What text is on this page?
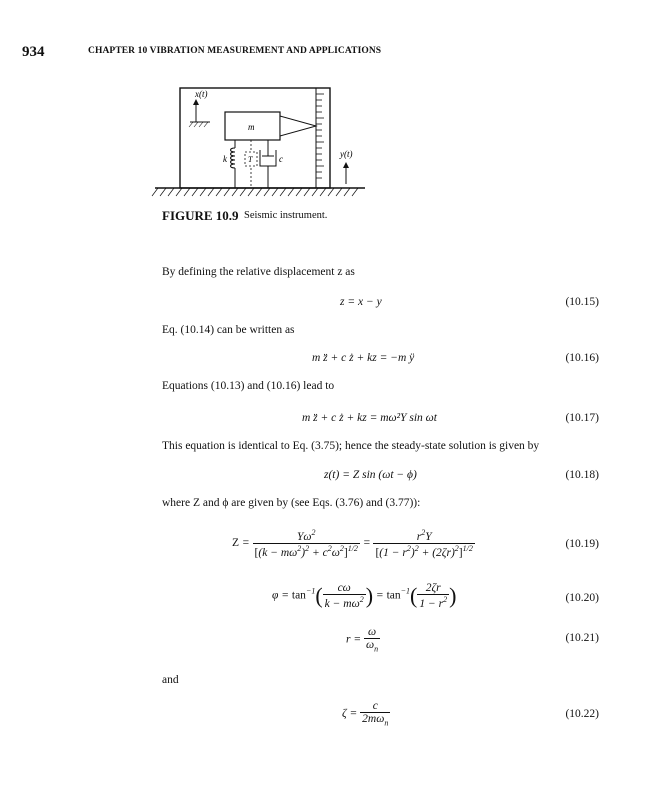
934	CHAPTER 10 VIBRATION MEASUREMENT AND APPLICATIONS
x(t)
m
k	c
T
y(t)
FIGURE 10.9 Seismic instrument.
By defining the relative displacement z as
z = x − y	(10.15)
Eq. (10.14) can be written as
m z̈ + c ż + kz = −m ÿ	(10.16)
Equations (10.13) and (10.16) lead to
m z̈ + c ż + kz = mω²Y sin ωt	(10.17)
This equation is identical to Eq. (3.75); hence the steady-state solution is given by
z(t) = Z sin (ωt − ϕ)	(10.18)
where Z and ϕ are given by (see Eqs. (3.76) and (3.77)):
$Z = \frac{Y\omega^2}{[(k - m\omega^2)^2 + c^2\omega^2]^{1/2}} = \frac{r^2Y}{[(1 - r^2)^2 + (2\zeta r)^2]^{1/2}}$	(10.19)
$\varphi = \tan^{-1}( \frac{c\omega}{k - m\omega^2}$ ) = $\tan^{-1}( \frac{2\zeta r}{1 - r^2}$ )	(10.20)
$r = \frac{\omega}{\omega_n}$	(10.21)
and
$\zeta = \frac{c}{2m\omega_n}$	(10.22)
